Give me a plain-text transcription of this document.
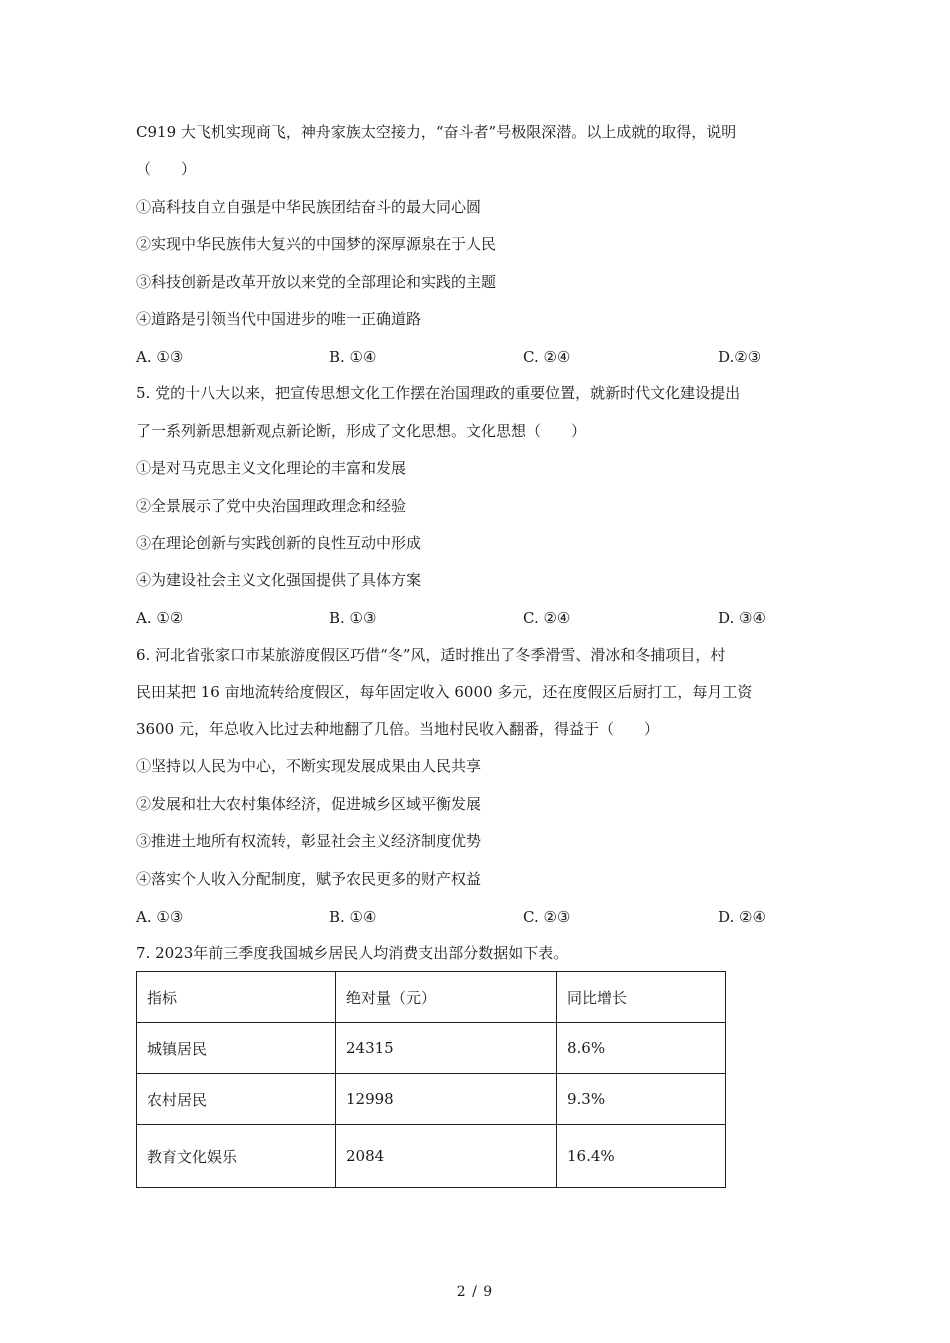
C919 大飞机实现商飞，神舟家族太空接力，“奋斗者”号极限深潜。以上成就的取得，说明
（　　）
①高科技自立自强是中华民族团结奋斗的最大同心圆
②实现中华民族伟大复兴的中国梦的深厚源泉在于人民
③科技创新是改革开放以来党的全部理论和实践的主题
④道路是引领当代中国进步的唯一正确道路
A. ①③	B. ①④	C. ②④	D.②③
5. 党的十八大以来，把宣传思想文化工作摆在治国理政的重要位置，就新时代文化建设提出
了一系列新思想新观点新论断，形成了文化思想。文化思想（　　）
①是对马克思主义文化理论的丰富和发展
②全景展示了党中央治国理政理念和经验
③在理论创新与实践创新的良性互动中形成
④为建设社会主义文化强国提供了具体方案
A. ①②	B. ①③	C. ②④	D. ③④
6. 河北省张家口市某旅游度假区巧借“冬”风，适时推出了冬季滑雪、滑冰和冬捕项目，村
民田某把 16 亩地流转给度假区，每年固定收入 6000 多元，还在度假区后厨打工，每月工资
3600 元，年总收入比过去种地翻了几倍。当地村民收入翻番，得益于（　　）
①坚持以人民为中心，不断实现发展成果由人民共享
②发展和壮大农村集体经济，促进城乡区域平衡发展
③推进土地所有权流转，彰显社会主义经济制度优势
④落实个人收入分配制度，赋予农民更多的财产权益
A. ①③	B. ①④	C. ②③	D. ②④
7. 2023年前三季度我国城乡居民人均消费支出部分数据如下表。
指标	绝对量（元）	同比增长
城镇居民	24315	8.6%
农村居民	12998	9.3%
教育文化娱乐	2084	16.4%
2 / 9
